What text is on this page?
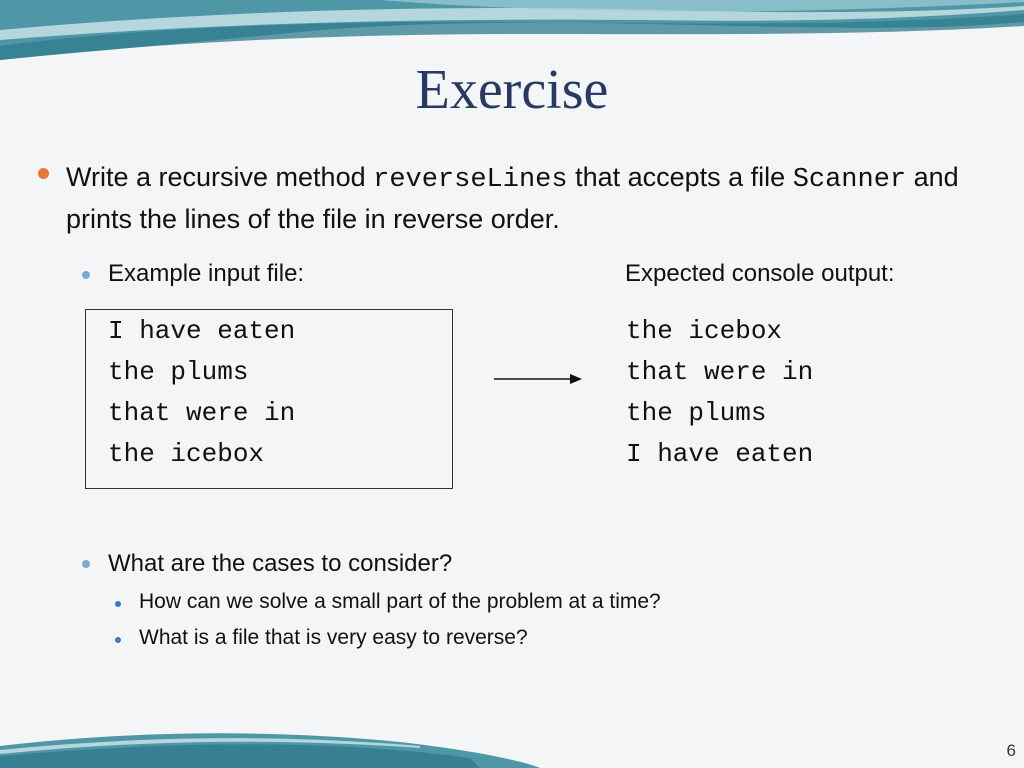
Exercise
Write a recursive method reverseLines that accepts a file Scanner and prints the lines of the file in reverse order.
Example input file:	Expected console output:
I have eaten
the plums
that were in
the icebox
the icebox
that were in
the plums
I have eaten
What are the cases to consider?
How can we solve a small part of the problem at a time?
What is a file that is very easy to reverse?
6
